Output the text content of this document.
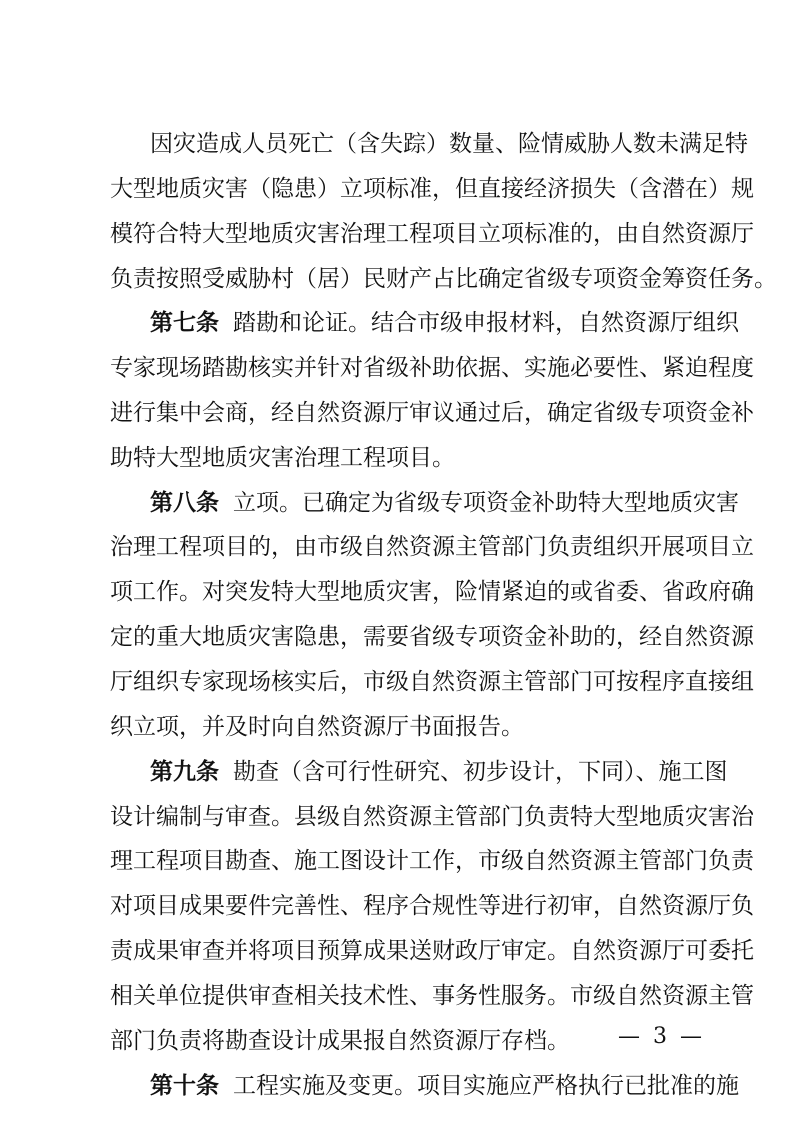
因灾造成人员死亡（含失踪）数量、险情威胁人数未满足特
大型地质灾害（隐患）立项标准，但直接经济损失（含潜在）规
模符合特大型地质灾害治理工程项目立项标准的，由自然资源厅
负责按照受威胁村（居）民财产占比确定省级专项资金筹资任务。
第七条 踏勘和论证。结合市级申报材料，自然资源厅组织
专家现场踏勘核实并针对省级补助依据、实施必要性、紧迫程度
进行集中会商，经自然资源厅审议通过后，确定省级专项资金补
助特大型地质灾害治理工程项目。
第八条 立项。已确定为省级专项资金补助特大型地质灾害
治理工程项目的，由市级自然资源主管部门负责组织开展项目立
项工作。对突发特大型地质灾害，险情紧迫的或省委、省政府确
定的重大地质灾害隐患，需要省级专项资金补助的，经自然资源
厅组织专家现场核实后，市级自然资源主管部门可按程序直接组
织立项，并及时向自然资源厅书面报告。
第九条 勘查（含可行性研究、初步设计，下同）、施工图
设计编制与审查。县级自然资源主管部门负责特大型地质灾害治
理工程项目勘查、施工图设计工作，市级自然资源主管部门负责
对项目成果要件完善性、程序合规性等进行初审，自然资源厅负
责成果审查并将项目预算成果送财政厅审定。自然资源厅可委托
相关单位提供审查相关技术性、事务性服务。市级自然资源主管
部门负责将勘查设计成果报自然资源厅存档。
第十条 工程实施及变更。项目实施应严格执行已批准的施
— 3 —
